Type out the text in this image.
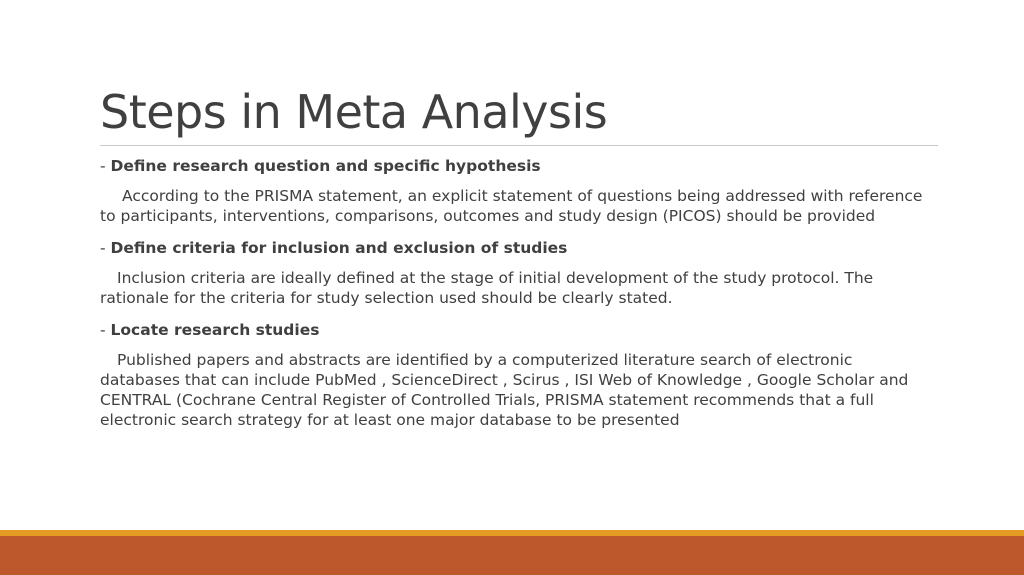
Steps in Meta Analysis

- Define research question and specific hypothesis

According to the PRISMA statement, an explicit statement of questions being addressed with reference to participants, interventions, comparisons, outcomes and study design (PICOS) should be provided

- Define criteria for inclusion and exclusion of studies

Inclusion criteria are ideally defined at the stage of initial development of the study protocol. The rationale for the criteria for study selection used should be clearly stated.

- Locate research studies

Published papers and abstracts are identified by a computerized literature search of electronic databases that can include PubMed , ScienceDirect , Scirus , ISI Web of Knowledge , Google Scholar and CENTRAL (Cochrane Central Register of Controlled Trials, PRISMA statement recommends that a full electronic search strategy for at least one major database to be presented
